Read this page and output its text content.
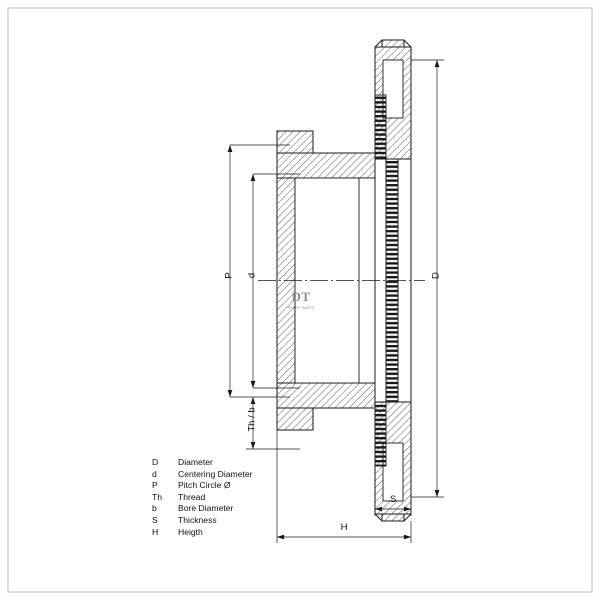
P d
Th / b
D
S
H
DT
SPARE PARTS
D	Diameter
d	Centering Diameter
P	Pitch Circle Ø
Th	Thread
b	Bore Diameter
S	Thickness
H	Heigth
